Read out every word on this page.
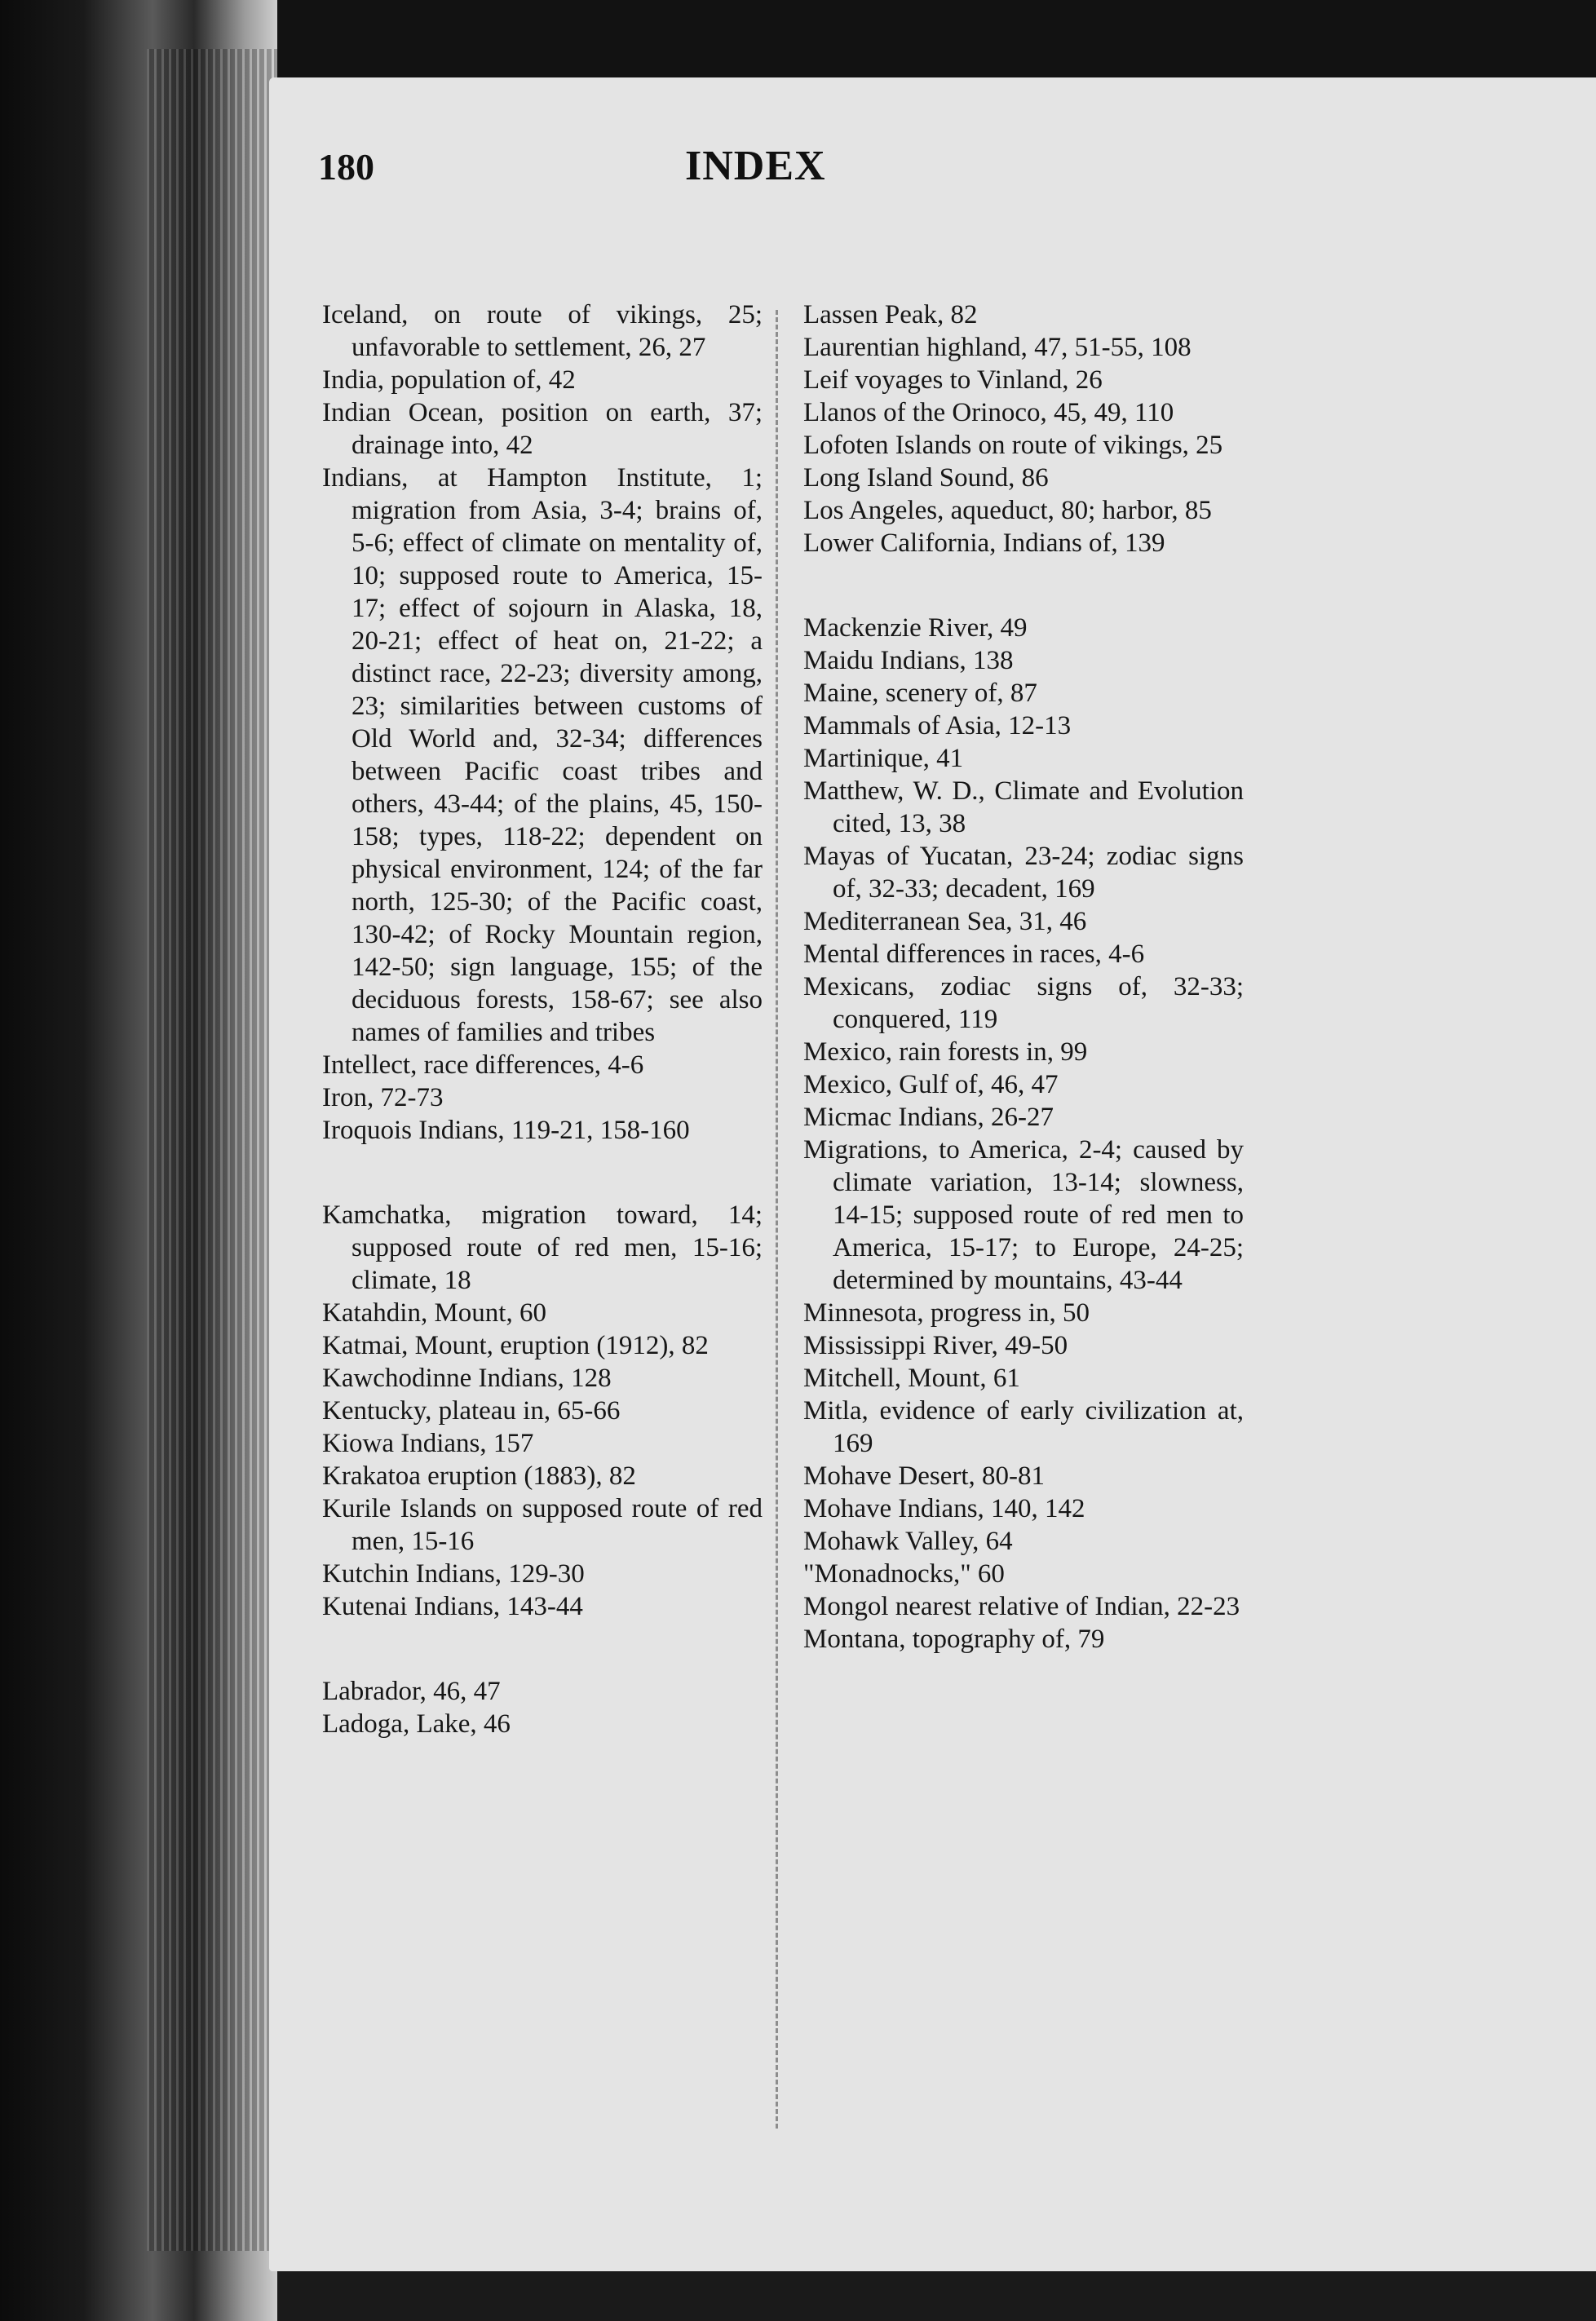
180	INDEX
Iceland, on route of vikings, 25; unfavorable to settlement, 26, 27
India, population of, 42
Indian Ocean, position on earth, 37; drainage into, 42
Indians, at Hampton Institute, 1; migration from Asia, 3-4; brains of, 5-6; effect of climate on mentality of, 10; supposed route to America, 15-17; effect of sojourn in Alaska, 18, 20-21; effect of heat on, 21-22; a distinct race, 22-23; diversity among, 23; similarities between customs of Old World and, 32-34; differences between Pacific coast tribes and others, 43-44; of the plains, 45, 150-158; types, 118-22; dependent on physical environment, 124; of the far north, 125-30; of the Pacific coast, 130-42; of Rocky Mountain region, 142-50; sign language, 155; of the deciduous forests, 158-67; see also names of families and tribes
Intellect, race differences, 4-6
Iron, 72-73
Iroquois Indians, 119-21, 158-160
Kamchatka, migration toward, 14; supposed route of red men, 15-16; climate, 18
Katahdin, Mount, 60
Katmai, Mount, eruption (1912), 82
Kawchodinne Indians, 128
Kentucky, plateau in, 65-66
Kiowa Indians, 157
Krakatoa eruption (1883), 82
Kurile Islands on supposed route of red men, 15-16
Kutchin Indians, 129-30
Kutenai Indians, 143-44
Labrador, 46, 47
Ladoga, Lake, 46
Lassen Peak, 82
Laurentian highland, 47, 51-55, 108
Leif voyages to Vinland, 26
Llanos of the Orinoco, 45, 49, 110
Lofoten Islands on route of vikings, 25
Long Island Sound, 86
Los Angeles, aqueduct, 80; harbor, 85
Lower California, Indians of, 139
Mackenzie River, 49
Maidu Indians, 138
Maine, scenery of, 87
Mammals of Asia, 12-13
Martinique, 41
Matthew, W. D., Climate and Evolution cited, 13, 38
Mayas of Yucatan, 23-24; zodiac signs of, 32-33; decadent, 169
Mediterranean Sea, 31, 46
Mental differences in races, 4-6
Mexicans, zodiac signs of, 32-33; conquered, 119
Mexico, rain forests in, 99
Mexico, Gulf of, 46, 47
Micmac Indians, 26-27
Migrations, to America, 2-4; caused by climate variation, 13-14; slowness, 14-15; supposed route of red men to America, 15-17; to Europe, 24-25; determined by mountains, 43-44
Minnesota, progress in, 50
Mississippi River, 49-50
Mitchell, Mount, 61
Mitla, evidence of early civilization at, 169
Mohave Desert, 80-81
Mohave Indians, 140, 142
Mohawk Valley, 64
"Monadnocks," 60
Mongol nearest relative of Indian, 22-23
Montana, topography of, 79
